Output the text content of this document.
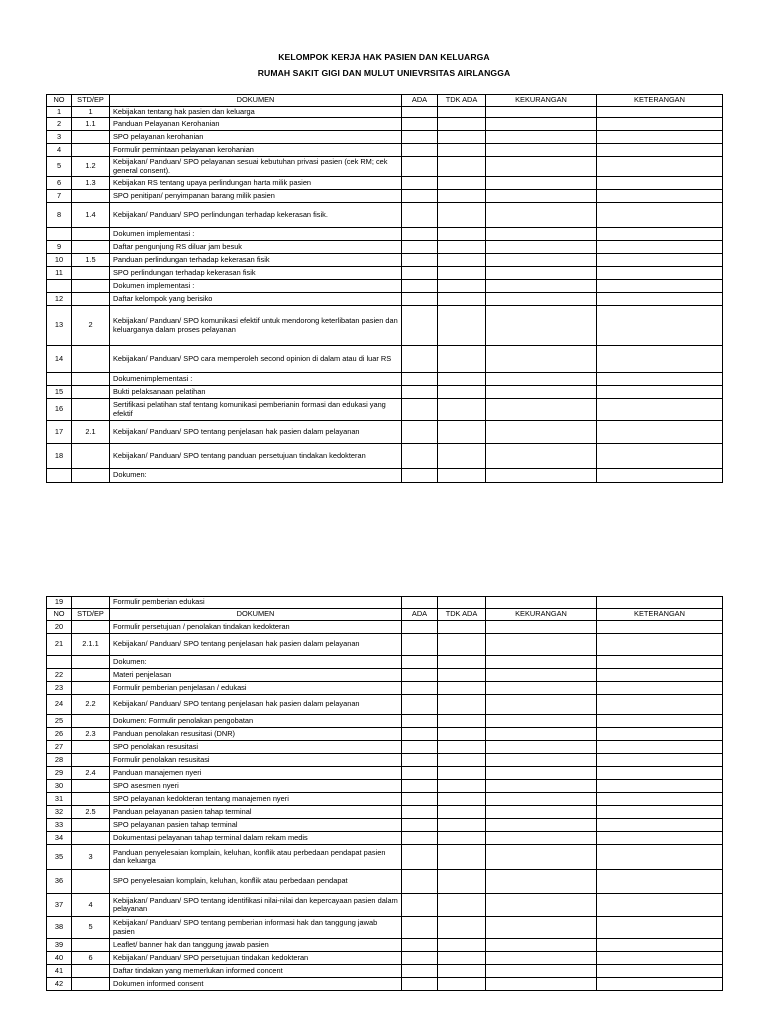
KELOMPOK KERJA HAK PASIEN DAN KELUARGA
RUMAH SAKIT GIGI DAN MULUT UNIEVRSITAS AIRLANGGA
NO	STD/EP	DOKUMEN	ADA	TDK ADA	KEKURANGAN	KETERANGAN
1	1	Kebijakan tentang hak pasien dan keluarga				
2	1.1	Panduan Pelayanan Kerohanian				
3		SPO pelayanan kerohanian				
4		Formulir permintaan pelayanan kerohanian				
5	1.2	Kebijakan/ Panduan/ SPO pelayanan sesuai kebutuhan privasi pasien (cek RM; cek general consent).				
6	1.3	Kebijakan RS tentang upaya perlindungan harta milik pasien				
7		SPO penitipan/ penyimpanan barang milik pasien				
8	1.4	Kebijakan/ Panduan/ SPO perlindungan terhadap kekerasan fisik.				
		Dokumen implementasi :				
9		Daftar pengunjung RS diluar jam besuk				
10	1.5	Panduan perlindungan terhadap kekerasan fisik				
11		SPO perlindungan terhadap kekerasan fisik				
		Dokumen implementasi :				
12		Daftar kelompok yang berisiko				
13	2	Kebijakan/ Panduan/ SPO komunikasi efektif untuk mendorong keterlibatan pasien dan keluarganya dalam proses pelayanan				
14		Kebijakan/ Panduan/ SPO cara memperoleh second opinion di dalam atau di luar RS				
		Dokumenimplementasi :				
15		Bukti pelaksanaan pelatihan				
16		Sertifikasi pelatihan staf tentang komunikasi pemberianin formasi dan edukasi yang efektif				
17	2.1	Kebijakan/ Panduan/ SPO tentang penjelasan hak pasien dalam pelayanan				
18		Kebijakan/ Panduan/ SPO tentang panduan persetujuan tindakan kedokteran				
		Dokumen:				
19		Formulir pemberian edukasi				
NO	STD/EP	DOKUMEN	ADA	TDK ADA	KEKURANGAN	KETERANGAN
20		Formulir persetujuan / penolakan tindakan kedokteran				
21	2.1.1	Kebijakan/ Panduan/ SPO tentang penjelasan hak pasien dalam pelayanan				
		Dokumen:				
22		Materi penjelasan				
23		Formulir pemberian penjelasan / edukasi				
24	2.2	Kebijakan/ Panduan/ SPO tentang penjelasan hak pasien dalam pelayanan				
25		Dokumen: Formulir penolakan pengobatan				
26	2.3	Panduan penolakan resusitasi (DNR)				
27		SPO penolakan resusitasi				
28		Formulir penolakan resusitasi				
29	2.4	Panduan manajemen nyeri				
30		SPO asesmen nyeri				
31		SPO pelayanan kedokteran tentang manajemen nyeri				
32	2.5	Panduan pelayanan pasien tahap terminal				
33		SPO pelayanan pasien tahap terminal				
34		Dokumentasi pelayanan tahap terminal dalam rekam medis				
35	3	Panduan penyelesaian komplain, keluhan, konflik atau perbedaan pendapat pasien dan keluarga				
36		SPO penyelesaian komplain, keluhan, konflik atau perbedaan pendapat				
37	4	Kebijakan/ Panduan/ SPO tentang identifikasi nilai-nilai dan kepercayaan pasien dalam pelayanan				
38	5	Kebijakan/ Panduan/ SPO tentang pemberian informasi hak dan tanggung jawab pasien				
39		Leaflet/ banner hak dan tanggung jawab pasien				
40	6	Kebijakan/ Panduan/ SPO persetujuan tindakan kedokteran				
41		Daftar tindakan yang memerlukan informed concent				
42		Dokumen informed consent				
